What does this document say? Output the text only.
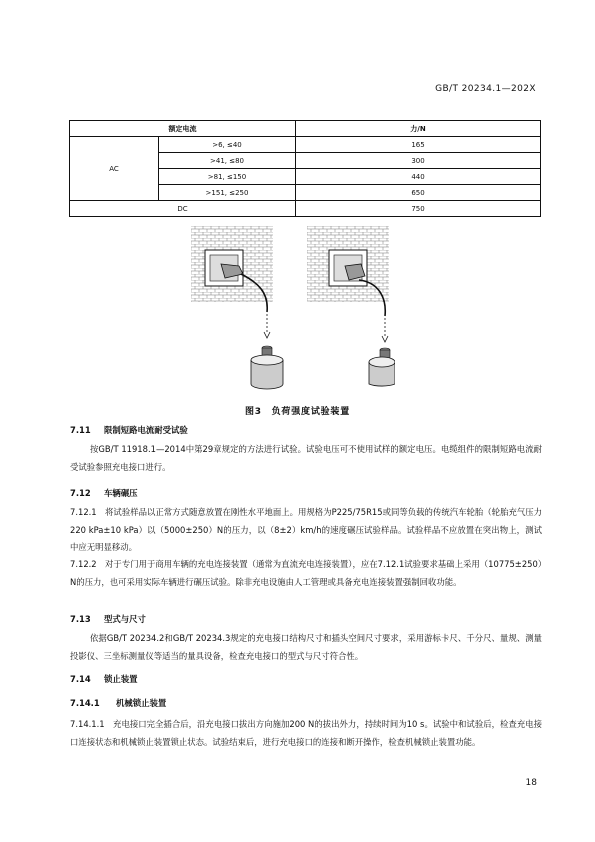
GB/T 20234.1—202X
额定电流		力/N
AC	>6, ≤40	165
	>41, ≤80	300
	>81, ≤150	440
	>151, ≤250	650
DC		750
图3　负荷强度试验装置
7.11 限制短路电流耐受试验
按GB/T 11918.1—2014中第29章规定的方法进行试验。试验电压可不使用试样的额定电压。电缆组件的限制短路电流耐受试验参照充电接口进行。
7.12 车辆碾压
7.12.1　将试验样品以正常方式随意放置在刚性水平地面上。用规格为P225/75R15或同等负载的传统汽车轮胎（轮胎充气压力220 kPa±10 kPa）以（5000±250）N的压力，以（8±2）km/h的速度碾压试验样品。试验样品不应放置在突出物上，测试中应无明显移动。
7.12.2　对于专门用于商用车辆的充电连接装置（通常为直流充电连接装置），应在7.12.1试验要求基础上采用（10775±250）N的压力，也可采用实际车辆进行碾压试验。除非充电设施由人工管理或具备充电连接装置强制回收功能。
7.13 型式与尺寸
依据GB/T 20234.2和GB/T 20234.3规定的充电接口结构尺寸和插头空间尺寸要求，采用游标卡尺、千分尺、量规、测量投影仪、三坐标测量仪等适当的量具设备，检查充电接口的型式与尺寸符合性。
7.14 锁止装置
7.14.1 机械锁止装置
7.14.1.1　充电接口完全插合后，沿充电接口拔出方向施加200 N的拔出外力，持续时间为10 s。试验中和试验后，检查充电接口连接状态和机械锁止装置锁止状态。试验结束后，进行充电接口的连接和断开操作，检查机械锁止装置功能。
18
